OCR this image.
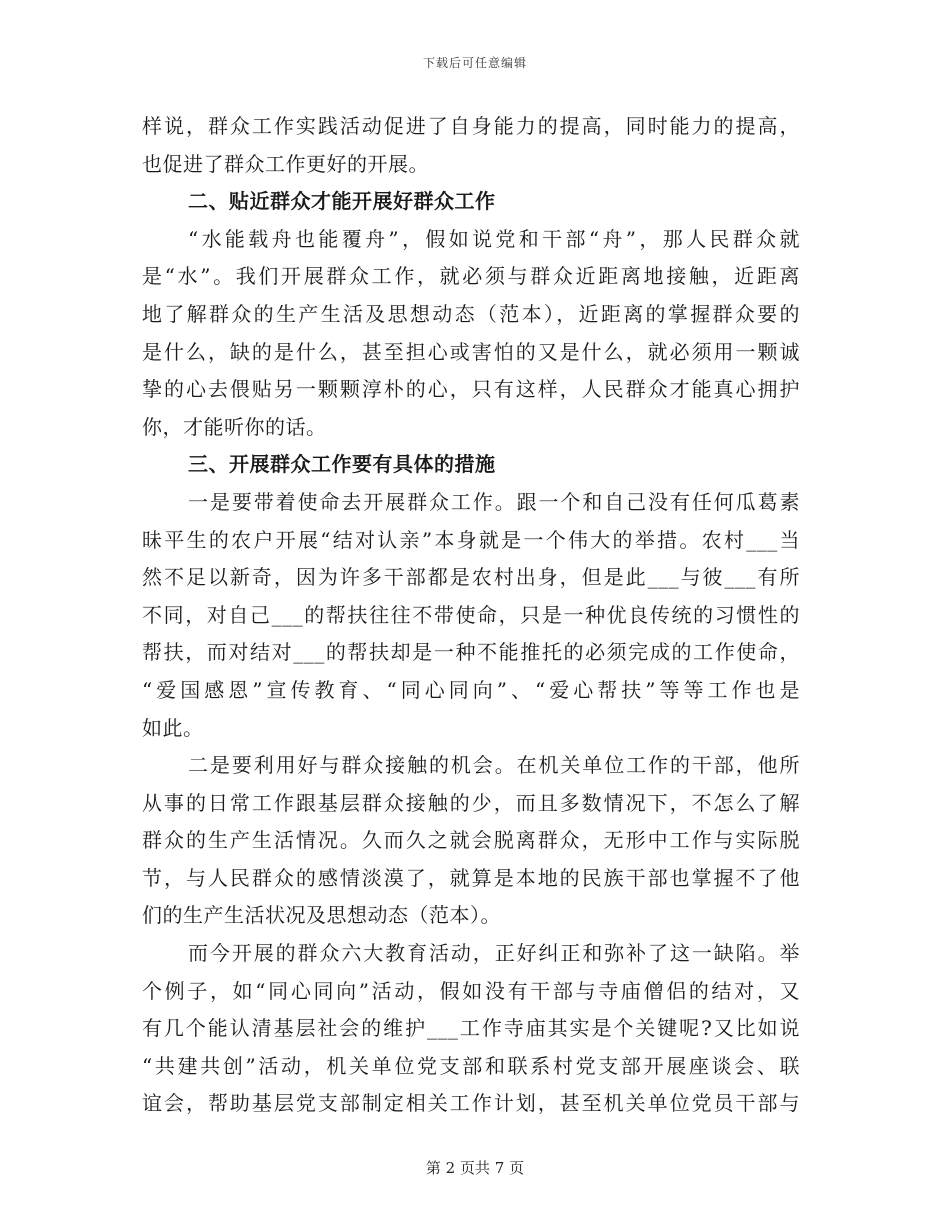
下载后可任意编辑
样说，群众工作实践活动促进了自身能力的提高，同时能力的提高，
也促进了群众工作更好的开展。
二、贴近群众才能开展好群众工作
“水能载舟也能覆舟”，假如说党和干部“舟”，那人民群众就
是“水”。我们开展群众工作，就必须与群众近距离地接触，近距离
地了解群众的生产生活及思想动态（范本），近距离的掌握群众要的
是什么，缺的是什么，甚至担心或害怕的又是什么，就必须用一颗诚
挚的心去偎贴另一颗颗淳朴的心，只有这样，人民群众才能真心拥护
你，才能听你的话。
三、开展群众工作要有具体的措施
一是要带着使命去开展群众工作。跟一个和自己没有任何瓜葛素
昧平生的农户开展“结对认亲”本身就是一个伟大的举措。农村___当
然不足以新奇，因为许多干部都是农村出身，但是此___与彼___有所
不同，对自己___的帮扶往往不带使命，只是一种优良传统的习惯性的
帮扶，而对结对___的帮扶却是一种不能推托的必须完成的工作使命，
“爱国感恩”宣传教育、“同心同向”、“爱心帮扶”等等工作也是
如此。
二是要利用好与群众接触的机会。在机关单位工作的干部，他所
从事的日常工作跟基层群众接触的少，而且多数情况下，不怎么了解
群众的生产生活情况。久而久之就会脱离群众，无形中工作与实际脱
节，与人民群众的感情淡漠了，就算是本地的民族干部也掌握不了他
们的生产生活状况及思想动态（范本）。
而今开展的群众六大教育活动，正好纠正和弥补了这一缺陷。举
个例子，如“同心同向”活动，假如没有干部与寺庙僧侣的结对，又
有几个能认清基层社会的维护___工作寺庙其实是个关键呢?又比如说
“共建共创”活动，机关单位党支部和联系村党支部开展座谈会、联
谊会，帮助基层党支部制定相关工作计划，甚至机关单位党员干部与
第 2 页共 7 页
